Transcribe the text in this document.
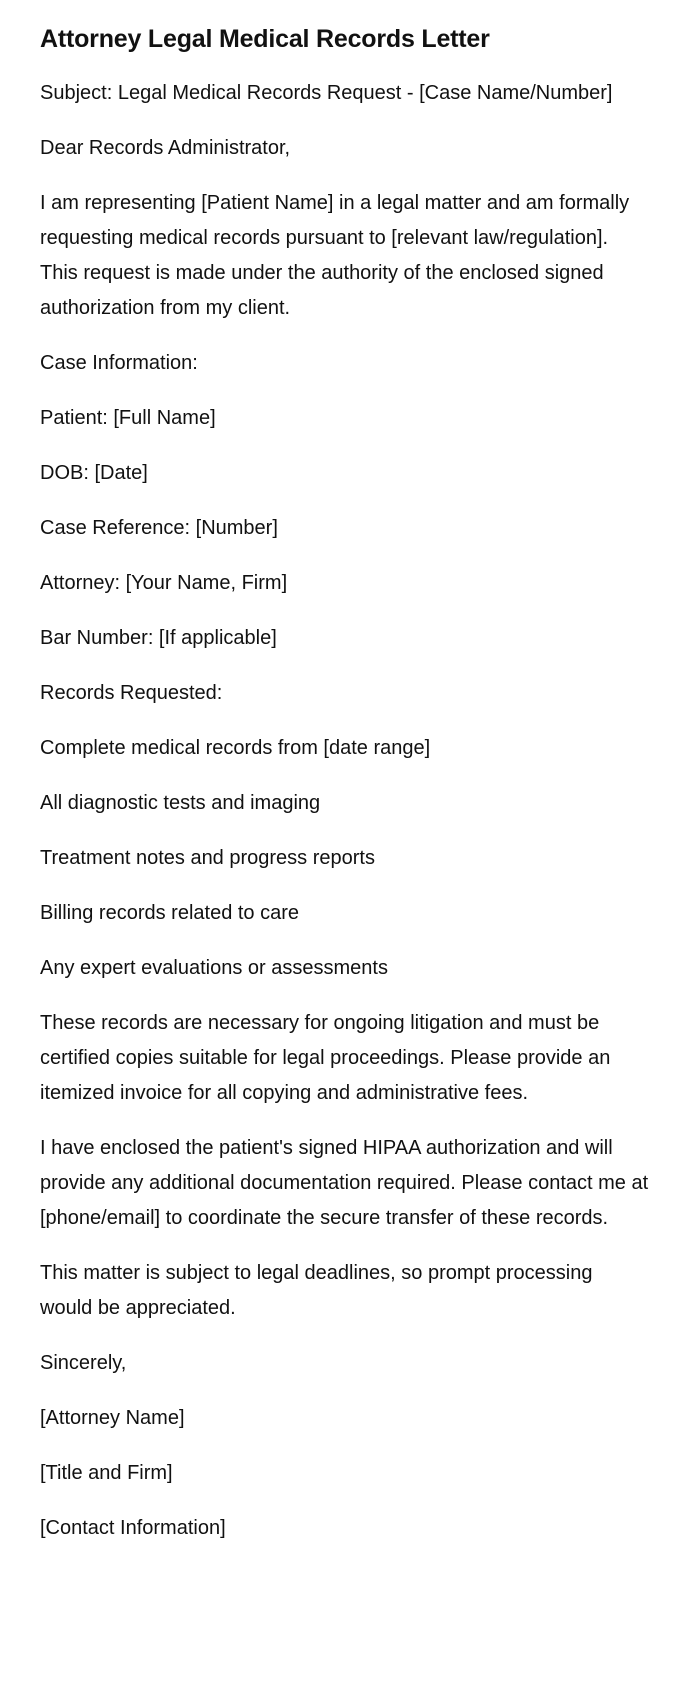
Attorney Legal Medical Records Letter

Subject: Legal Medical Records Request - [Case Name/Number]

Dear Records Administrator,

I am representing [Patient Name] in a legal matter and am formally requesting medical records pursuant to [relevant law/regulation]. This request is made under the authority of the enclosed signed authorization from my client.

Case Information:

Patient: [Full Name]

DOB: [Date]

Case Reference: [Number]

Attorney: [Your Name, Firm]

Bar Number: [If applicable]

Records Requested:

Complete medical records from [date range]

All diagnostic tests and imaging

Treatment notes and progress reports

Billing records related to care

Any expert evaluations or assessments

These records are necessary for ongoing litigation and must be certified copies suitable for legal proceedings. Please provide an itemized invoice for all copying and administrative fees.

I have enclosed the patient's signed HIPAA authorization and will provide any additional documentation required. Please contact me at [phone/email] to coordinate the secure transfer of these records.

This matter is subject to legal deadlines, so prompt processing would be appreciated.

Sincerely,

[Attorney Name]

[Title and Firm]

[Contact Information]
